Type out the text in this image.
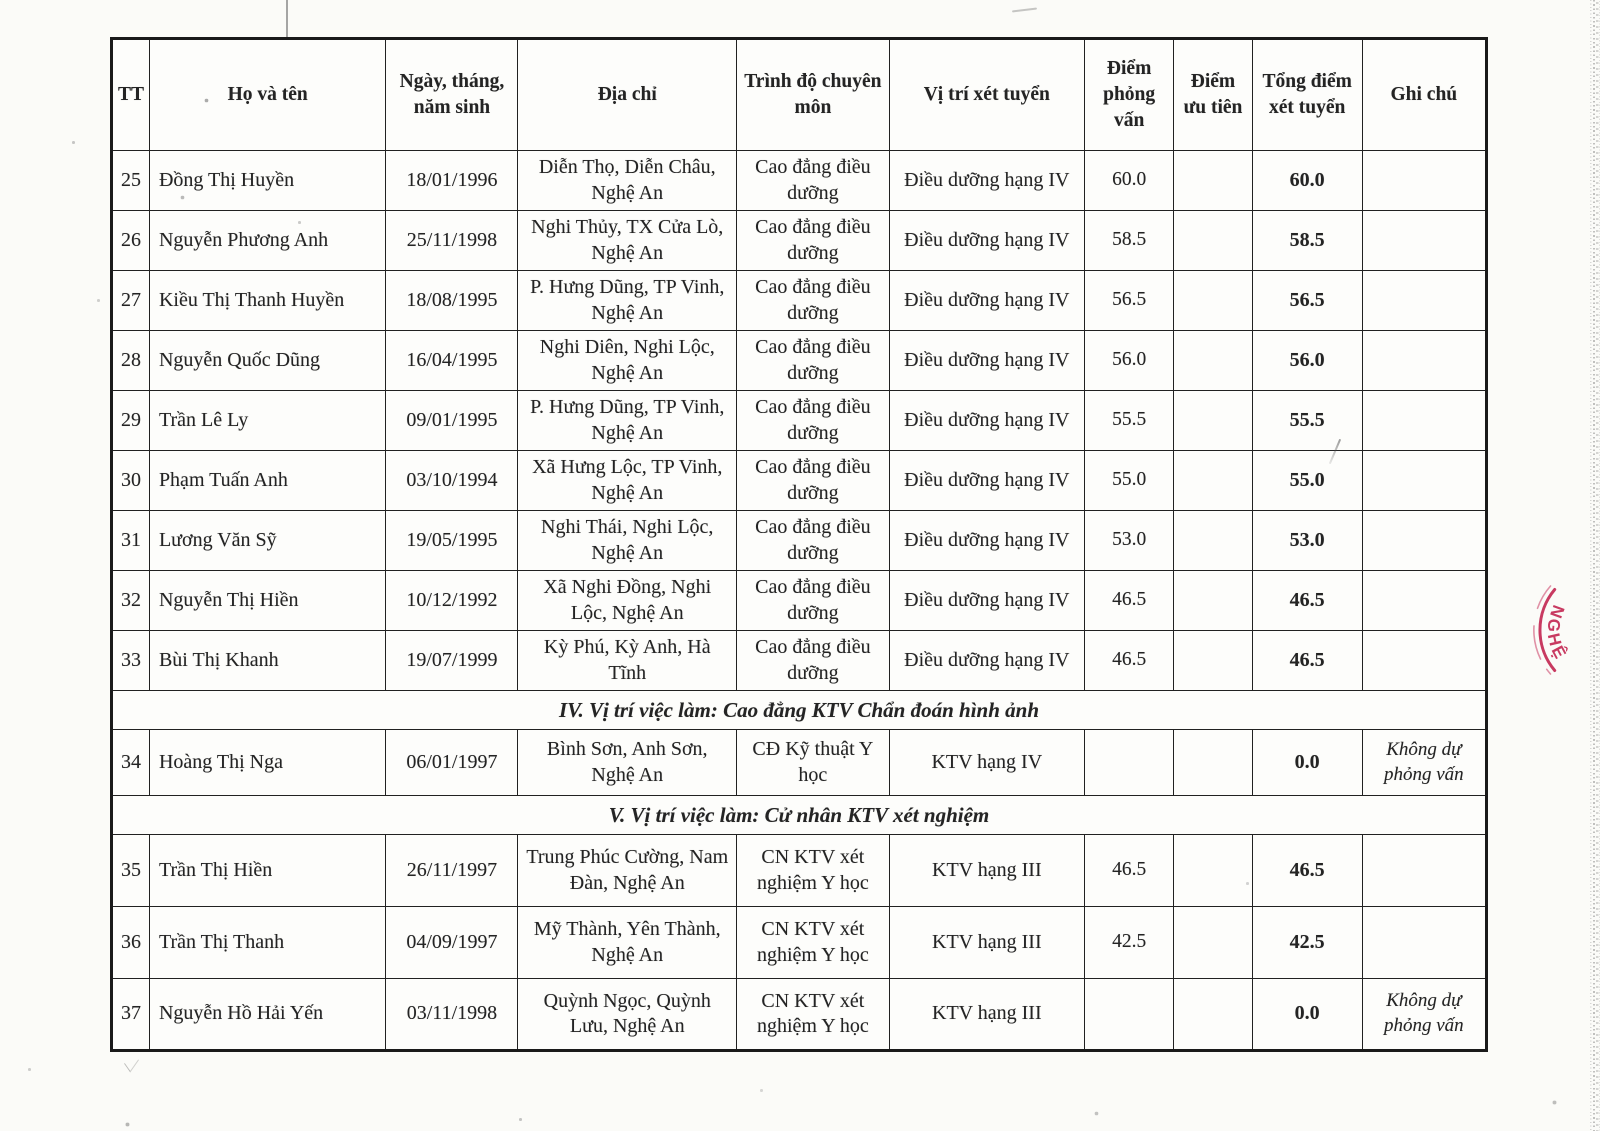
TT	Họ và tên	Ngày, tháng, năm sinh	Địa chỉ	Trình độ chuyên môn	Vị trí xét tuyển	Điểm phỏng vấn	Điểm ưu tiên	Tổng điểm xét tuyển	Ghi chú
25	Đồng Thị Huyền	18/01/1996	Diễn Thọ, Diễn Châu, Nghệ An	Cao đẳng điều dưỡng	Điều dưỡng hạng IV	60.0		60.0	
26	Nguyễn Phương Anh	25/11/1998	Nghi Thủy, TX Cửa Lò, Nghệ An	Cao đẳng điều dưỡng	Điều dưỡng hạng IV	58.5		58.5	
27	Kiều Thị Thanh Huyền	18/08/1995	P. Hưng Dũng, TP Vinh, Nghệ An	Cao đẳng điều dưỡng	Điều dưỡng hạng IV	56.5		56.5	
28	Nguyễn Quốc Dũng	16/04/1995	Nghi Diên, Nghi Lộc, Nghệ An	Cao đẳng điều dưỡng	Điều dưỡng hạng IV	56.0		56.0	
29	Trần Lê Ly	09/01/1995	P. Hưng Dũng, TP Vinh, Nghệ An	Cao đẳng điều dưỡng	Điều dưỡng hạng IV	55.5		55.5	
30	Phạm Tuấn Anh	03/10/1994	Xã Hưng Lộc, TP Vinh, Nghệ An	Cao đẳng điều dưỡng	Điều dưỡng hạng IV	55.0		55.0	
31	Lương Văn Sỹ	19/05/1995	Nghi Thái, Nghi Lộc, Nghệ An	Cao đẳng điều dưỡng	Điều dưỡng hạng IV	53.0		53.0	
32	Nguyễn Thị Hiền	10/12/1992	Xã Nghi Đồng, Nghi Lộc, Nghệ An	Cao đẳng điều dưỡng	Điều dưỡng hạng IV	46.5		46.5	
33	Bùi Thị Khanh	19/07/1999	Kỳ Phú, Kỳ Anh, Hà Tĩnh	Cao đẳng điều dưỡng	Điều dưỡng hạng IV	46.5		46.5	
IV. Vị trí việc làm: Cao đẳng KTV Chẩn đoán hình ảnh									
34	Hoàng Thị Nga	06/01/1997	Bình Sơn, Anh Sơn, Nghệ An	CĐ Kỹ thuật Y học	KTV hạng IV			0.0	Không dự phỏng vấn
V. Vị trí việc làm: Cử nhân KTV xét nghiệm									
35	Trần Thị Hiền	26/11/1997	Trung Phúc Cường, Nam Đàn, Nghệ An	CN KTV xét nghiệm Y học	KTV hạng III	46.5		46.5	
36	Trần Thị Thanh	04/09/1997	Mỹ Thành, Yên Thành, Nghệ An	CN KTV xét nghiệm Y học	KTV hạng III	42.5		42.5	
37	Nguyễn Hồ Hải Yến	03/11/1998	Quỳnh Ngọc, Quỳnh Lưu, Nghệ An	CN KTV xét nghiệm Y học	KTV hạng III			0.0	Không dự phỏng vấn
NGHỆ
